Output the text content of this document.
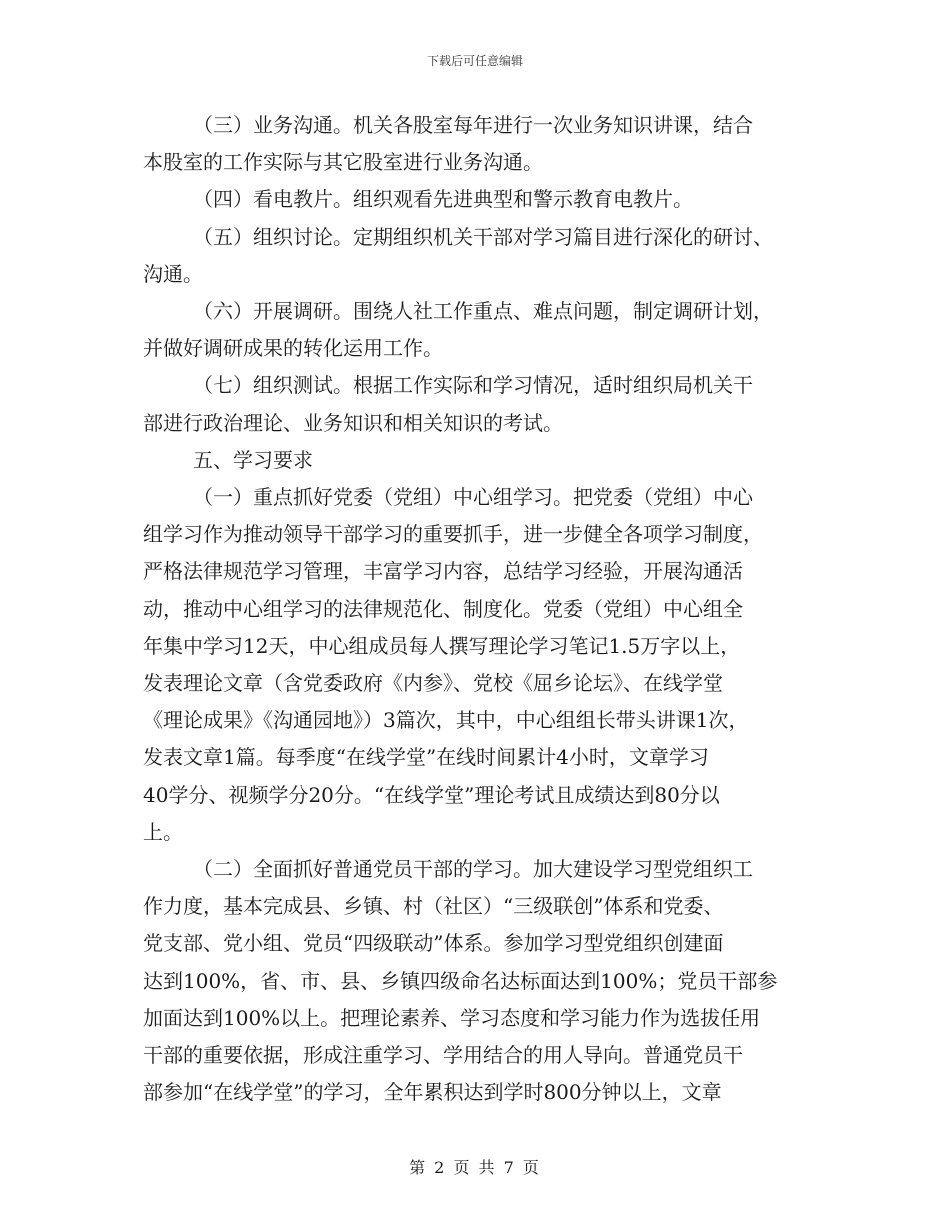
下载后可任意编辑

（三）业务沟通。机关各股室每年进行一次业务知识讲课，结合
本股室的工作实际与其它股室进行业务沟通。

（四）看电教片。组织观看先进典型和警示教育电教片。

（五）组织讨论。定期组织机关干部对学习篇目进行深化的研讨、
沟通。

（六）开展调研。围绕人社工作重点、难点问题，制定调研计划，
并做好调研成果的转化运用工作。

（七）组织测试。根据工作实际和学习情况，适时组织局机关干
部进行政治理论、业务知识和相关知识的考试。

五、学习要求

（一）重点抓好党委（党组）中心组学习。把党委（党组）中心
组学习作为推动领导干部学习的重要抓手，进一步健全各项学习制度，
严格法律规范学习管理，丰富学习内容，总结学习经验，开展沟通活
动，推动中心组学习的法律规范化、制度化。党委（党组）中心组全
年集中学习12天，中心组成员每人撰写理论学习笔记1.5万字以上，
发表理论文章（含党委政府《内参》、党校《屈乡论坛》、在线学堂
《理论成果》《沟通园地》）3篇次，其中，中心组组长带头讲课1次，
发表文章1篇。每季度“在线学堂”在线时间累计4小时，文章学习
40学分、视频学分20分。“在线学堂”理论考试且成绩达到80分以
上。

（二）全面抓好普通党员干部的学习。加大建设学习型党组织工
作力度，基本完成县、乡镇、村（社区）“三级联创”体系和党委、
党支部、党小组、党员“四级联动”体系。参加学习型党组织创建面
达到100%，省、市、县、乡镇四级命名达标面达到100%；党员干部参
加面达到100%以上。把理论素养、学习态度和学习能力作为选拔任用
干部的重要依据，形成注重学习、学用结合的用人导向。普通党员干
部参加“在线学堂”的学习，全年累积达到学时800分钟以上，文章

第 2 页 共 7 页
